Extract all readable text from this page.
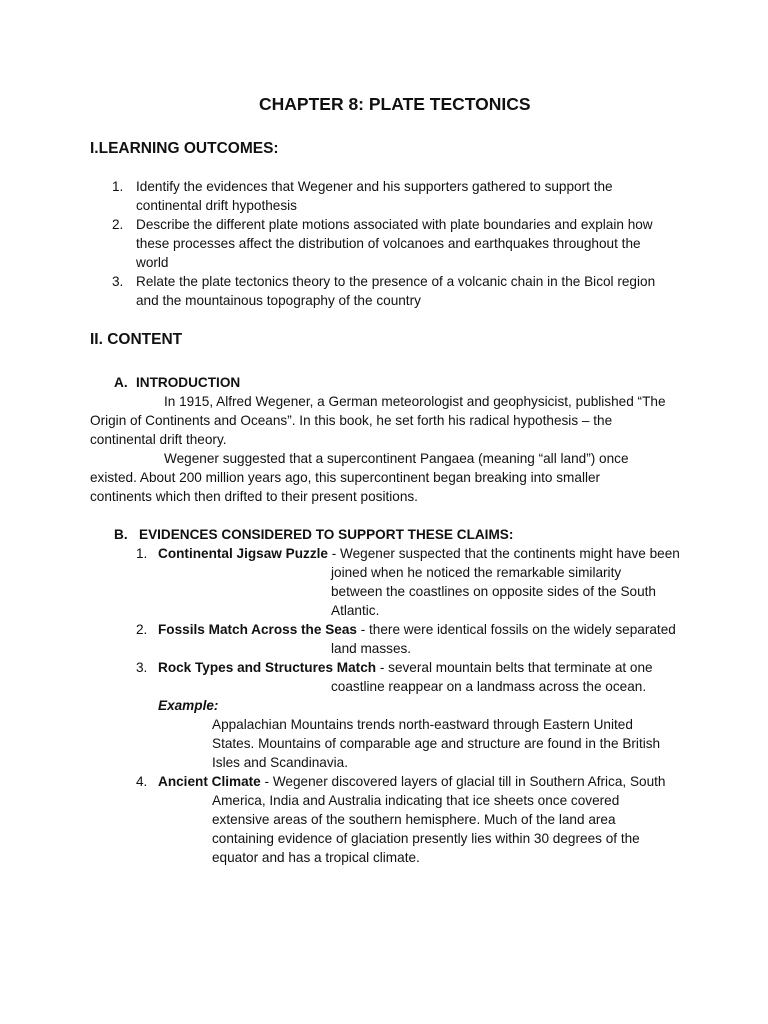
CHAPTER 8: PLATE TECTONICS
I.LEARNING OUTCOMES:
1. Identify the evidences that Wegener and his supporters gathered to support the
continental drift hypothesis
2. Describe the different plate motions associated with plate boundaries and explain how
these processes affect the distribution of volcanoes and earthquakes throughout the
world
3. Relate the plate tectonics theory to the presence of a volcanic chain in the Bicol region
and the mountainous topography of the country
II. CONTENT
A. INTRODUCTION
In 1915, Alfred Wegener, a German meteorologist and geophysicist, published “The
Origin of Continents and Oceans”. In this book, he set forth his radical hypothesis – the
continental drift theory.
Wegener suggested that a supercontinent Pangaea (meaning “all land”) once
existed. About 200 million years ago, this supercontinent began breaking into smaller
continents which then drifted to their present positions.
B. EVIDENCES CONSIDERED TO SUPPORT THESE CLAIMS:
1. Continental Jigsaw Puzzle - Wegener suspected that the continents might have been
joined when he noticed the remarkable similarity
between the coastlines on opposite sides of the South
Atlantic.
2. Fossils Match Across the Seas - there were identical fossils on the widely separated
land masses.
3. Rock Types and Structures Match - several mountain belts that terminate at one
coastline reappear on a landmass across the ocean.
Example:
Appalachian Mountains trends north-eastward through Eastern United
States. Mountains of comparable age and structure are found in the British
Isles and Scandinavia.
4. Ancient Climate - Wegener discovered layers of glacial till in Southern Africa, South
America, India and Australia indicating that ice sheets once covered
extensive areas of the southern hemisphere. Much of the land area
containing evidence of glaciation presently lies within 30 degrees of the
equator and has a tropical climate.
